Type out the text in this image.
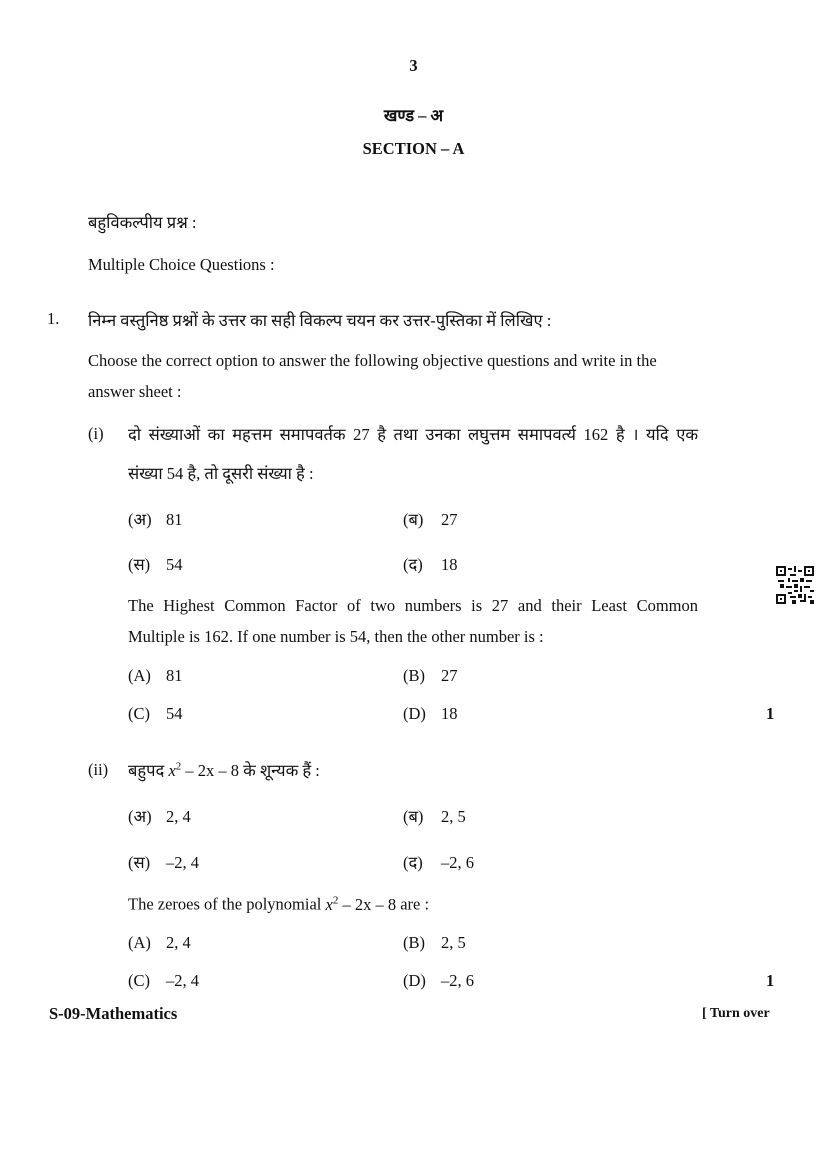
3
खण्ड – अ
SECTION – A
बहुविकल्पीय प्रश्न :
Multiple Choice Questions :
1. निम्न वस्तुनिष्ठ प्रश्नों के उत्तर का सही विकल्प चयन कर उत्तर-पुस्तिका में लिखिए :
Choose the correct option to answer the following objective questions and write in the
answer sheet :
(i) दो संख्याओं का महत्तम समापवर्तक 27 है तथा उनका लघुत्तम समापवर्त्य 162 है । यदि एक
संख्या 54 है, तो दूसरी संख्या है :
(अ) 81	(ब) 27
(स) 54	(द) 18
The Highest Common Factor of two numbers is 27 and their Least Common
Multiple is 162. If one number is 54, then the other number is :
(A) 81	(B) 27
(C) 54	(D) 18	1
(ii) बहुपद $x^2 - 2x - 8$ के शून्यक हैं :
(अ) 2, 4	(ब) 2, 5
(स) –2, 4	(द) –2, 6
The zeroes of the polynomial $x^2 - 2x - 8$ are :
(A) 2, 4	(B) 2, 5
(C) –2, 4	(D) –2, 6	1
S-09-Mathematics	[ Turn over
